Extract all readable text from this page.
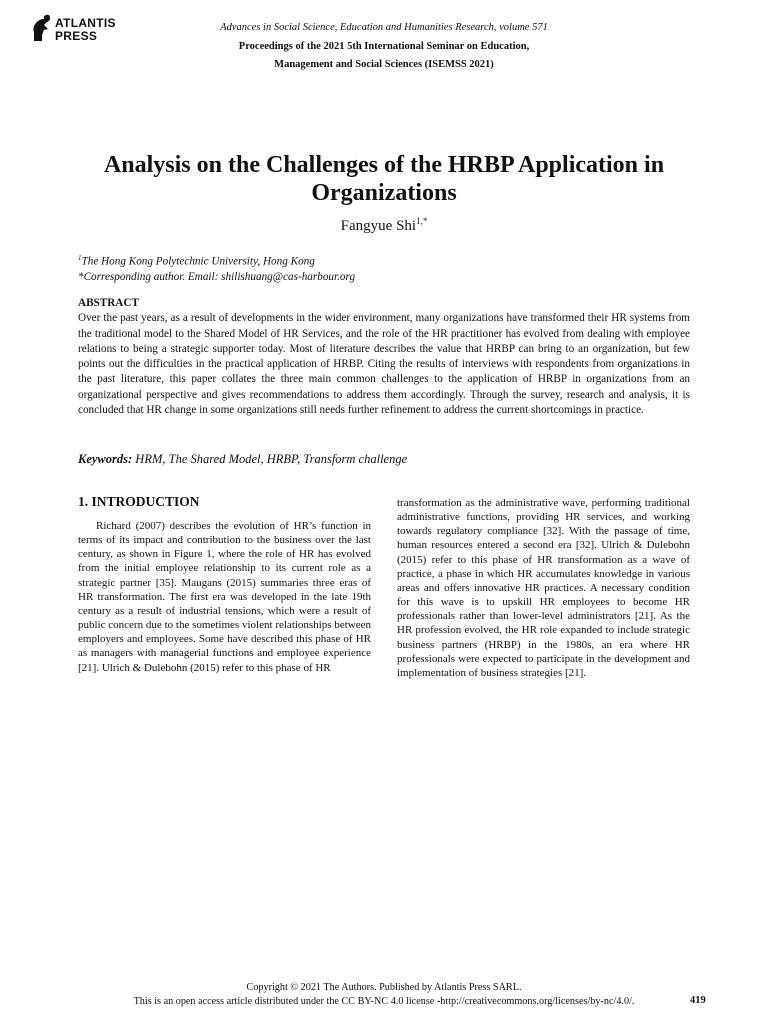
ATLANTIS
PRESS
Advances in Social Science, Education and Humanities Research, volume 571
Proceedings of the 2021 5th International Seminar on Education,
Management and Social Sciences (ISEMSS 2021)
Analysis on the Challenges of the HRBP Application in Organizations
Fangyue Shi$^{1,*}$
$^1$The Hong Kong Polytechnic University, Hong Kong
*Corresponding author. Email: shilishuang@cas-harbour.org
ABSTRACT
Over the past years, as a result of developments in the wider environment, many organizations have transformed their HR systems from the traditional model to the Shared Model of HR Services, and the role of the HR practitioner has evolved from dealing with employee relations to being a strategic supporter today. Most of literature describes the value that HRBP can bring to an organization, but few points out the difficulties in the practical application of HRBP. Citing the results of interviews with respondents from organizations in the past literature, this paper collates the three main common challenges to the application of HRBP in organizations from an organizational perspective and gives recommendations to address them accordingly. Through the survey, research and analysis, it is concluded that HR change in some organizations still needs further refinement to address the current shortcomings in practice.
Keywords: HRM, The Shared Model, HRBP, Transform challenge
1. INTRODUCTION

Richard (2007) describes the evolution of HR’s function in terms of its impact and contribution to the business over the last century, as shown in Figure 1, where the role of HR has evolved from the initial employee relationship to its current role as a strategic partner [35]. Maugans (2015) summaries three eras of HR transformation. The first era was developed in the late 19th century as a result of industrial tensions, which were a result of public concern due to the sometimes violent relationships between employers and employees. Some have described this phase of HR as managers with managerial functions and employee experience [21]. Ulrich & Dulebohn (2015) refer to this phase of HR

transformation as the administrative wave, performing traditional administrative functions, providing HR services, and working towards regulatory compliance [32]. With the passage of time, human resources entered a second era [32]. Ulrich & Dulebohn (2015) refer to this phase of HR transformation as a wave of practice, a phase in which HR accumulates knowledge in various areas and offers innovative HR practices. A necessary condition for this wave is to upskill HR employees to become HR professionals rather than lower-level administrators [21]. As the HR profession evolved, the HR role expanded to include strategic business partners (HRBP) in the 1980s, an era where HR professionals were expected to participate in the development and implementation of business strategies [21].

Copyright © 2021 The Authors. Published by Atlantis Press SARL.
This is an open access article distributed under the CC BY-NC 4.0 license -http://creativecommons.org/licenses/by-nc/4.0/.	419
